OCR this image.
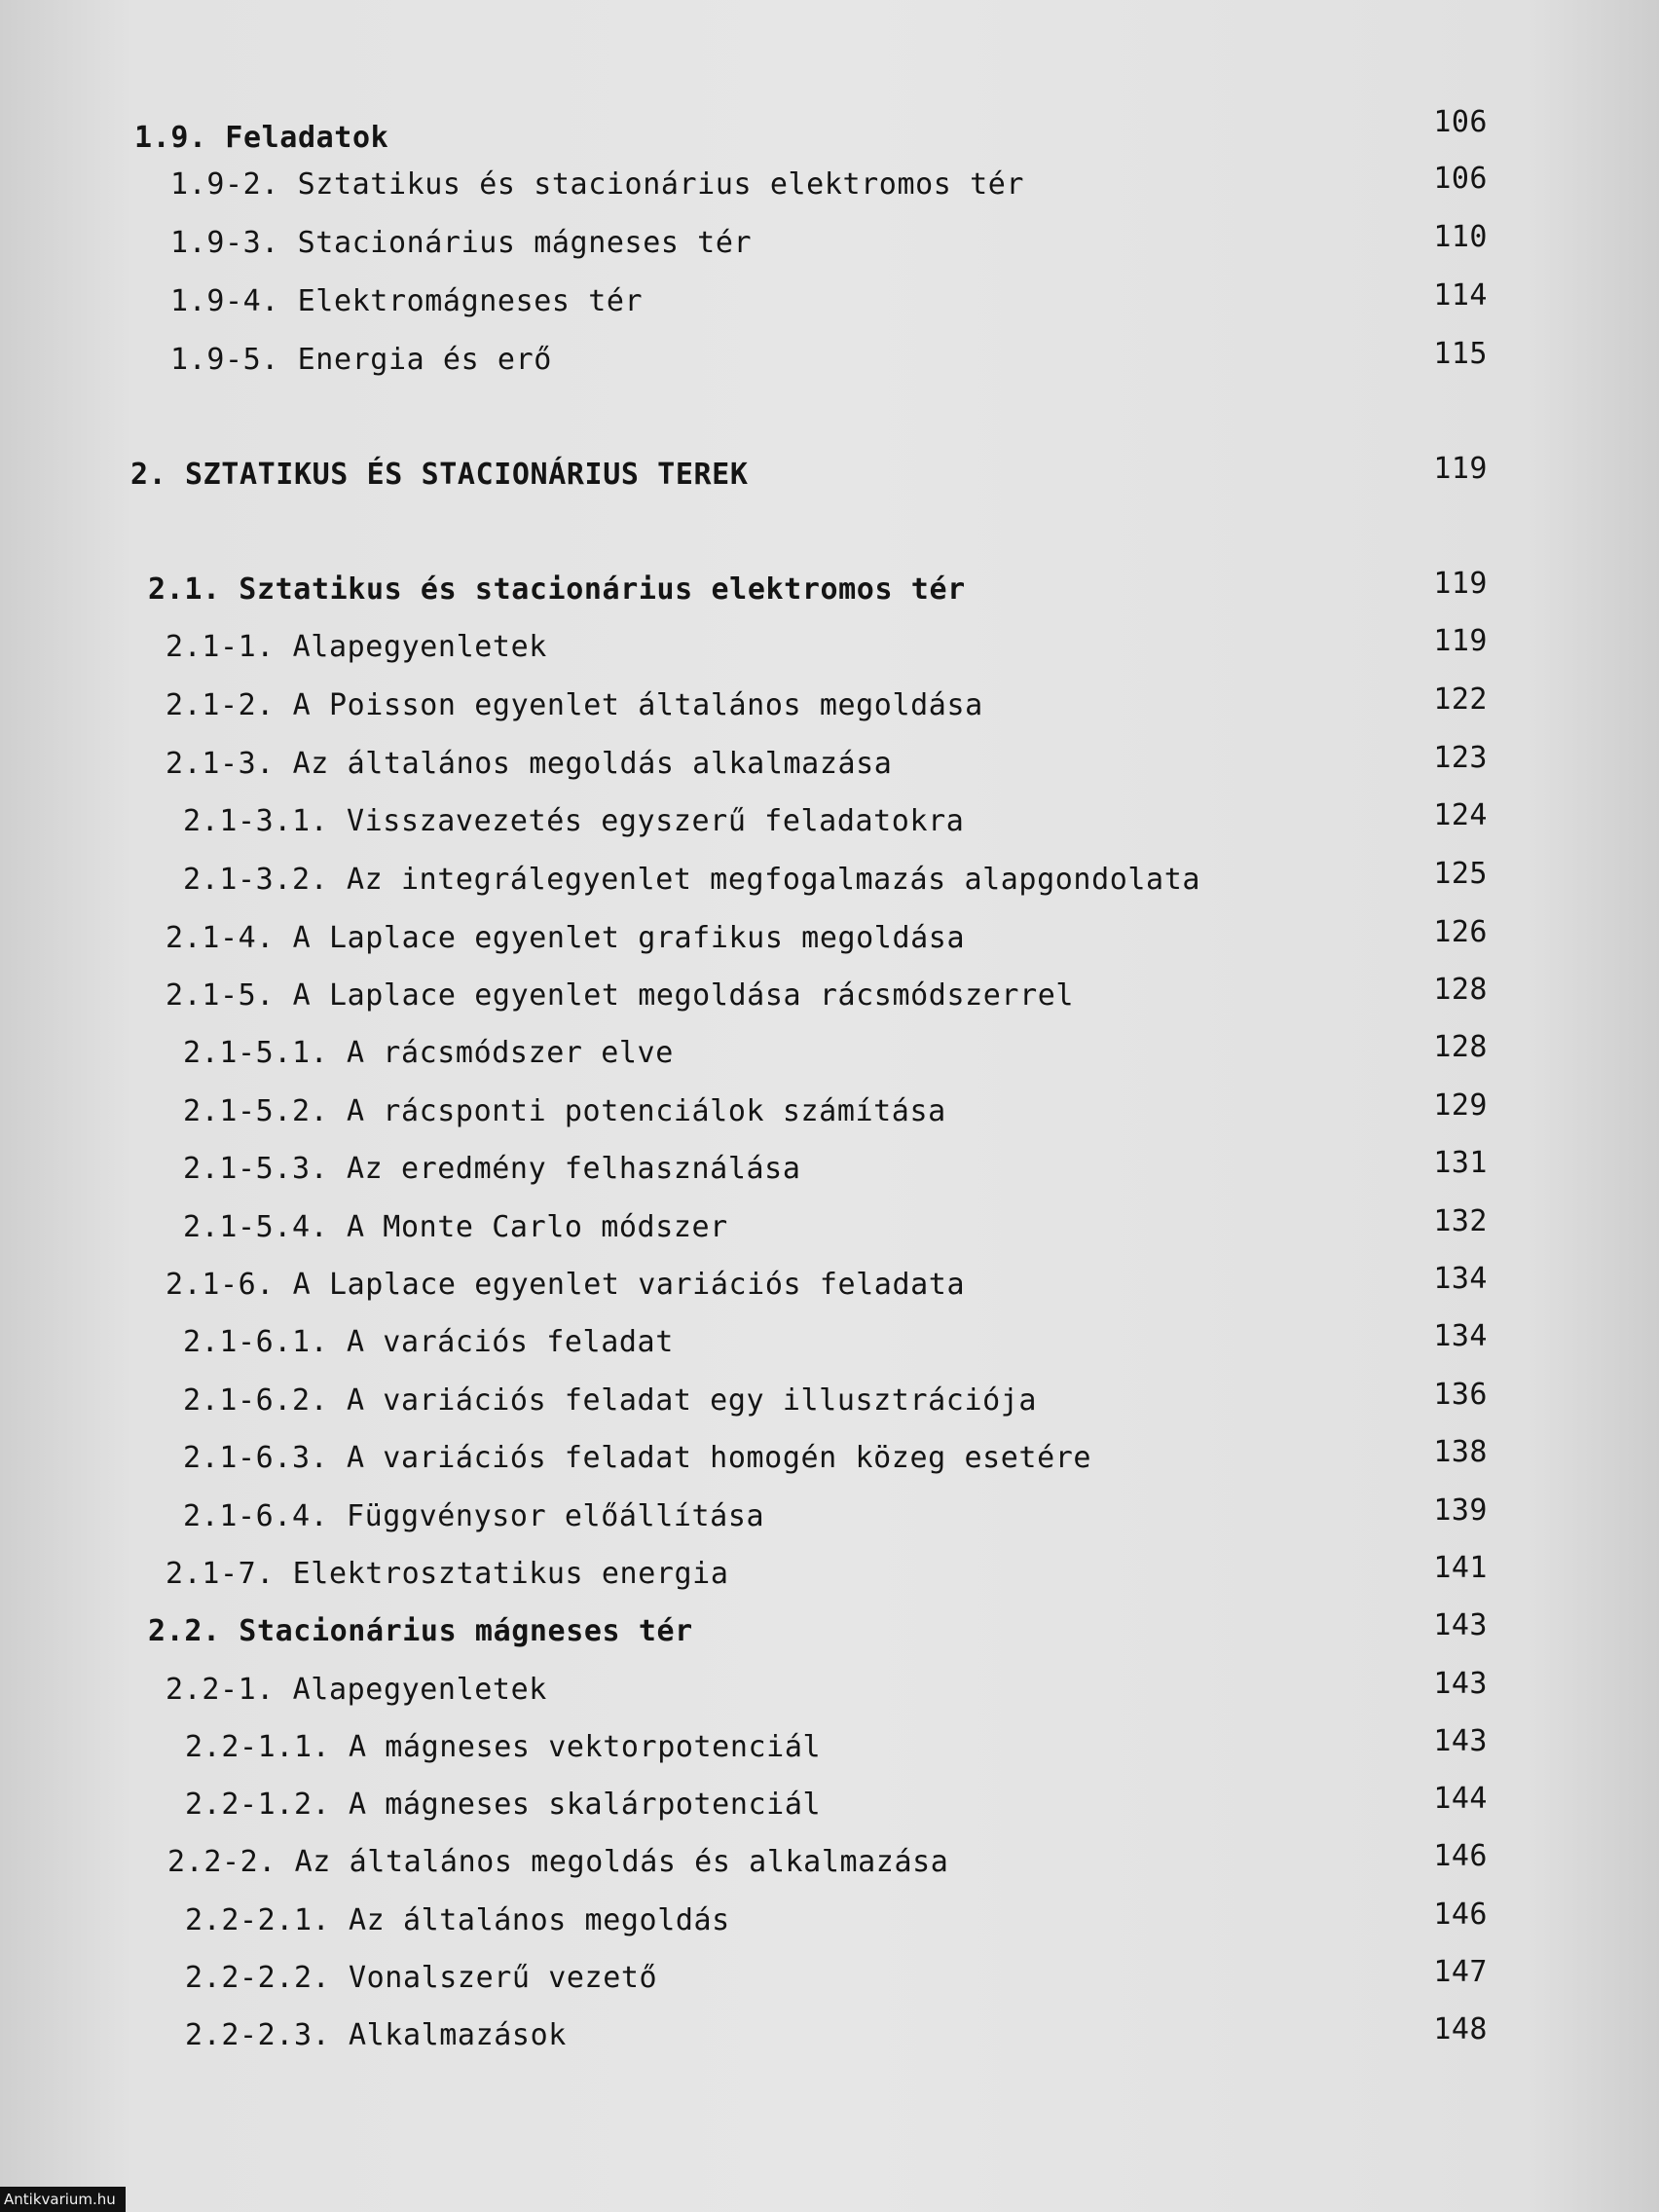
1.9. Feladatok	106
1.9-2. Sztatikus és stacionárius elektromos tér	106
1.9-3. Stacionárius mágneses tér	110
1.9-4. Elektromágneses tér	114
1.9-5. Energia és erő	115
2. SZTATIKUS ÉS STACIONÁRIUS TEREK	119
2.1. Sztatikus és stacionárius elektromos tér	119
2.1-1. Alapegyenletek	119
2.1-2. A Poisson egyenlet általános megoldása	122
2.1-3. Az általános megoldás alkalmazása	123
2.1-3.1. Visszavezetés egyszerű feladatokra	124
2.1-3.2. Az integrálegyenlet megfogalmazás alapgondolata	125
2.1-4. A Laplace egyenlet grafikus megoldása	126
2.1-5. A Laplace egyenlet megoldása rácsmódszerrel	128
2.1-5.1. A rácsmódszer elve	128
2.1-5.2. A rácsponti potenciálok számítása	129
2.1-5.3. Az eredmény felhasználása	131
2.1-5.4. A Monte Carlo módszer	132
2.1-6. A Laplace egyenlet variációs feladata	134
2.1-6.1. A varációs feladat	134
2.1-6.2. A variációs feladat egy illusztrációja	136
2.1-6.3. A variációs feladat homogén közeg esetére	138
2.1-6.4. Függvénysor előállítása	139
2.1-7. Elektrosztatikus energia	141
2.2. Stacionárius mágneses tér	143
2.2-1. Alapegyenletek	143
2.2-1.1. A mágneses vektorpotenciál	143
2.2-1.2. A mágneses skalárpotenciál	144
2.2-2. Az általános megoldás és alkalmazása	146
2.2-2.1. Az általános megoldás	146
2.2-2.2. Vonalszerű vezető	147
2.2-2.3. Alkalmazások	148
Antikvarium.hu
